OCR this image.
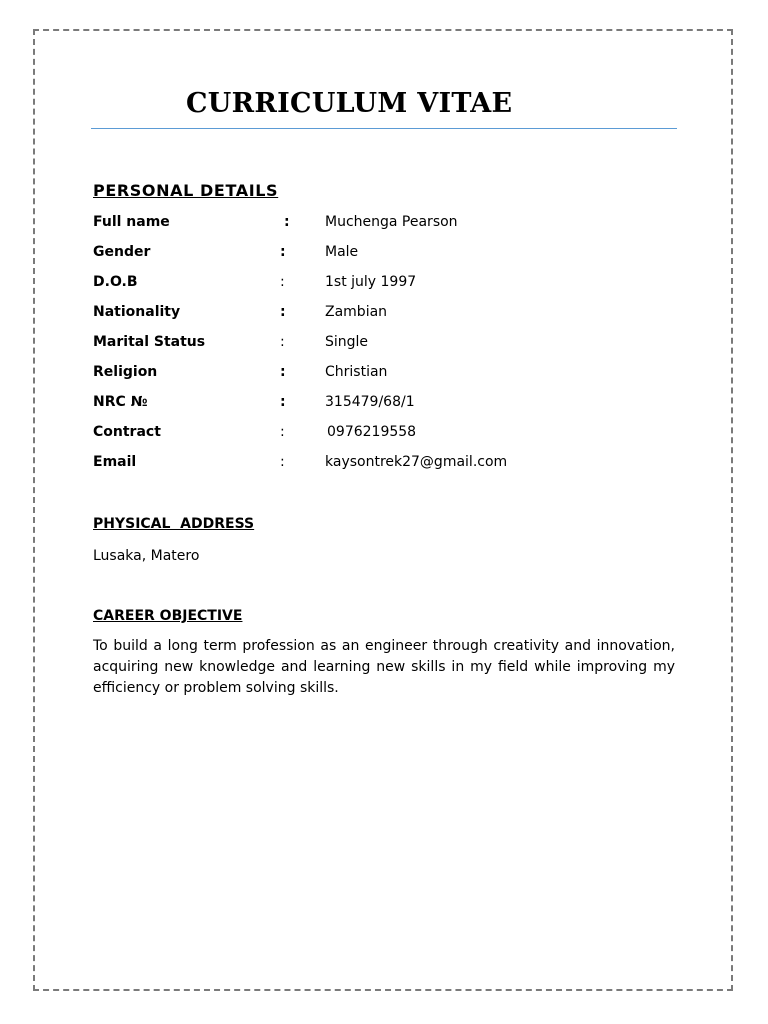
CURRICULUM VITAE
PERSONAL DETAILS
Full name	:	Muchenga Pearson
Gender	:	Male
D.O.B	:	1st july 1997
Nationality	:	Zambian
Marital Status	:	Single
Religion	:	Christian
NRC №	:	315479/68/1
Contract	:	0976219558
Email	:	kaysontrek27@gmail.com
PHYSICAL  ADDRESS
Lusaka, Matero
CAREER OBJECTIVE

To build a long term profession as an engineer through creativity and innovation, acquiring new knowledge and learning new skills in my field while improving my efficiency or problem solving skills.
